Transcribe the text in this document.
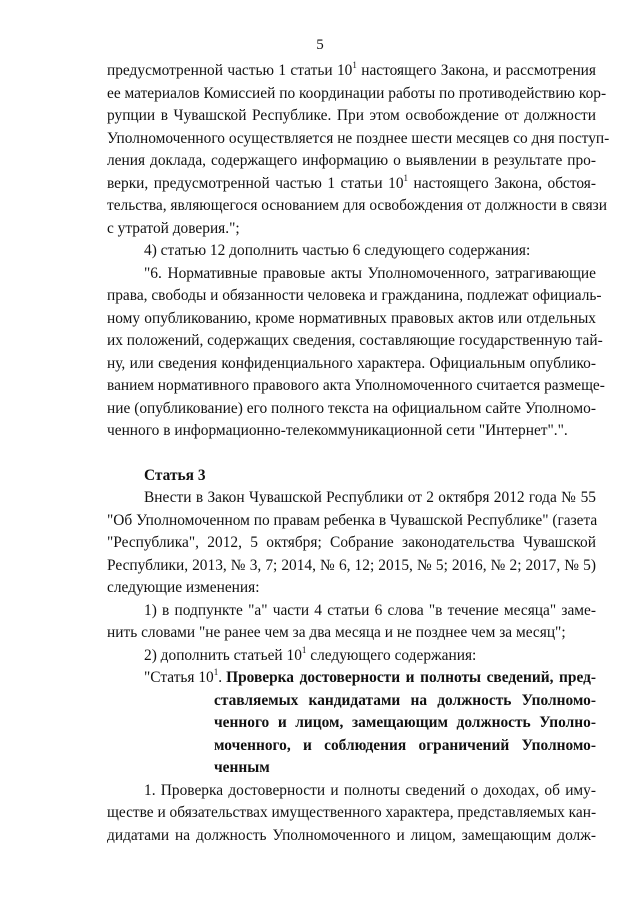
5
предусмотренной частью 1 статьи $10^1$ настоящего Закона, и рассмотрения
ее материалов Комиссией по координации работы по противодействию кор-
рупции в Чувашской Республике. При этом освобождение от должности
Уполномоченного осуществляется не позднее шести месяцев со дня поступ-
ления доклада, содержащего информацию о выявлении в результате про-
верки, предусмотренной частью 1 статьи $10^1$ настоящего Закона, обстоя-
тельства, являющегося основанием для освобождения от должности в связи
с утратой доверия.";
4) статью 12 дополнить частью 6 следующего содержания:
"6. Нормативные правовые акты Уполномоченного, затрагивающие
права, свободы и обязанности человека и гражданина, подлежат официаль-
ному опубликованию, кроме нормативных правовых актов или отдельных
их положений, содержащих сведения, составляющие государственную тай-
ну, или сведения конфиденциального характера. Официальным опублико-
ванием нормативного правового акта Уполномоченного считается размеще-
ние (опубликование) его полного текста на официальном сайте Уполномо-
ченного в информационно-телекоммуникационной сети "Интернет".".
Статья 3
Внести в Закон Чувашской Республики от 2 октября 2012 года № 55
"Об Уполномоченном по правам ребенка в Чувашской Республике" (газета
"Республика", 2012, 5 октября; Собрание законодательства Чувашской
Республики, 2013, № 3, 7; 2014, № 6, 12; 2015, № 5; 2016, № 2; 2017, № 5)
следующие изменения:
1) в подпункте "а" части 4 статьи 6 слова "в течение месяца" заме-
нить словами "не ранее чем за два месяца и не позднее чем за месяц";
2) дополнить статьей $10^1$ следующего содержания:
"Статья $10^1$. Проверка достоверности и полноты сведений, пред-
ставляемых кандидатами на должность Уполномо-
ченного и лицом, замещающим должность Уполно-
моченного, и соблюдения ограничений Уполномо-
ченным
1. Проверка достоверности и полноты сведений о доходах, об иму-
ществе и обязательствах имущественного характера, представляемых кан-
дидатами на должность Уполномоченного и лицом, замещающим долж-
